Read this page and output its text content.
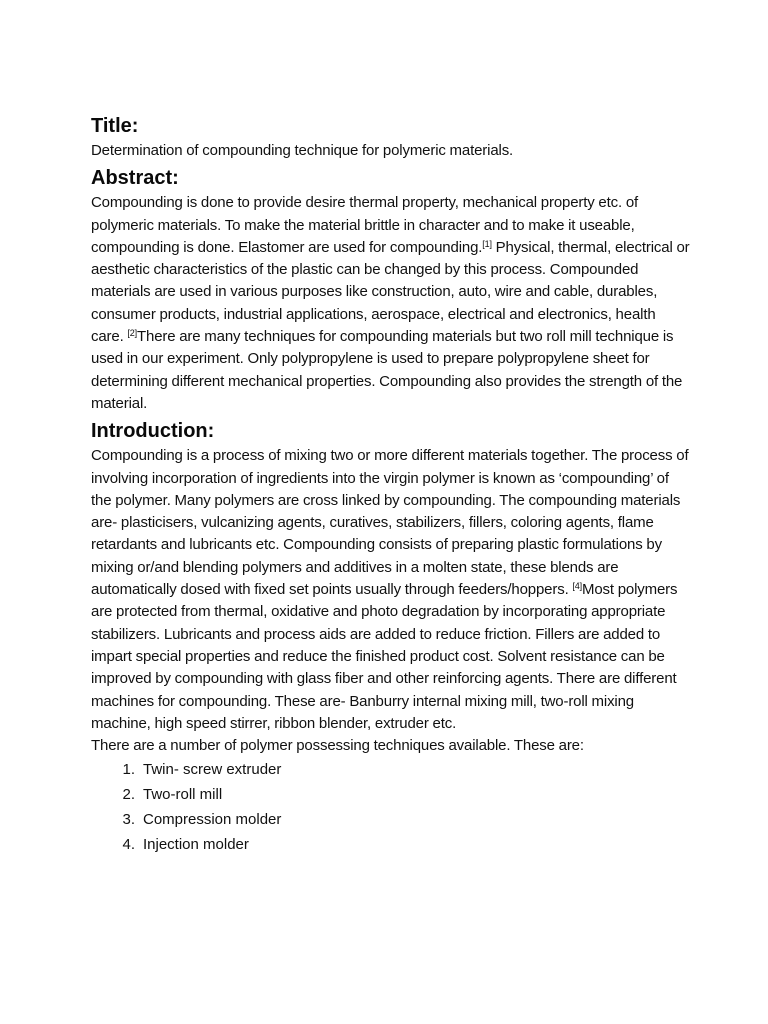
Title:

Determination of compounding technique for polymeric materials.

Abstract:

Compounding is done to provide desire thermal property, mechanical property etc. of polymeric materials. To make the material brittle in character and to make it useable, compounding is done. Elastomer are used for compounding.[1] Physical, thermal, electrical or aesthetic characteristics of the plastic can be changed by this process. Compounded materials are used in various purposes like construction, auto, wire and cable, durables, consumer products, industrial applications, aerospace, electrical and electronics, health care. [2]There are many techniques for compounding materials but two roll mill technique is used in our experiment. Only polypropylene is used to prepare polypropylene sheet for determining different mechanical properties. Compounding also provides the strength of the material.

Introduction:

Compounding is a process of mixing two or more different materials together. The process of involving incorporation of ingredients into the virgin polymer is known as ‘compounding’ of the polymer. Many polymers are cross linked by compounding. The compounding materials are- plasticisers, vulcanizing agents, curatives, stabilizers, fillers, coloring agents, flame retardants and lubricants etc. Compounding consists of preparing plastic formulations by mixing or/and blending polymers and additives in a molten state, these blends are automatically dosed with fixed set points usually through feeders/hoppers. [4]Most polymers are protected from thermal, oxidative and photo degradation by incorporating appropriate stabilizers. Lubricants and process aids are added to reduce friction. Fillers are added to impart special properties and reduce the finished product cost. Solvent resistance can be improved by compounding with glass fiber and other reinforcing agents. There are different machines for compounding. These are- Banburry internal mixing mill, two-roll mixing machine, high speed stirrer, ribbon blender, extruder etc.

There are a number of polymer possessing techniques available. These are:

1. Twin- screw extruder
2. Two-roll mill
3. Compression molder
4. Injection molder
